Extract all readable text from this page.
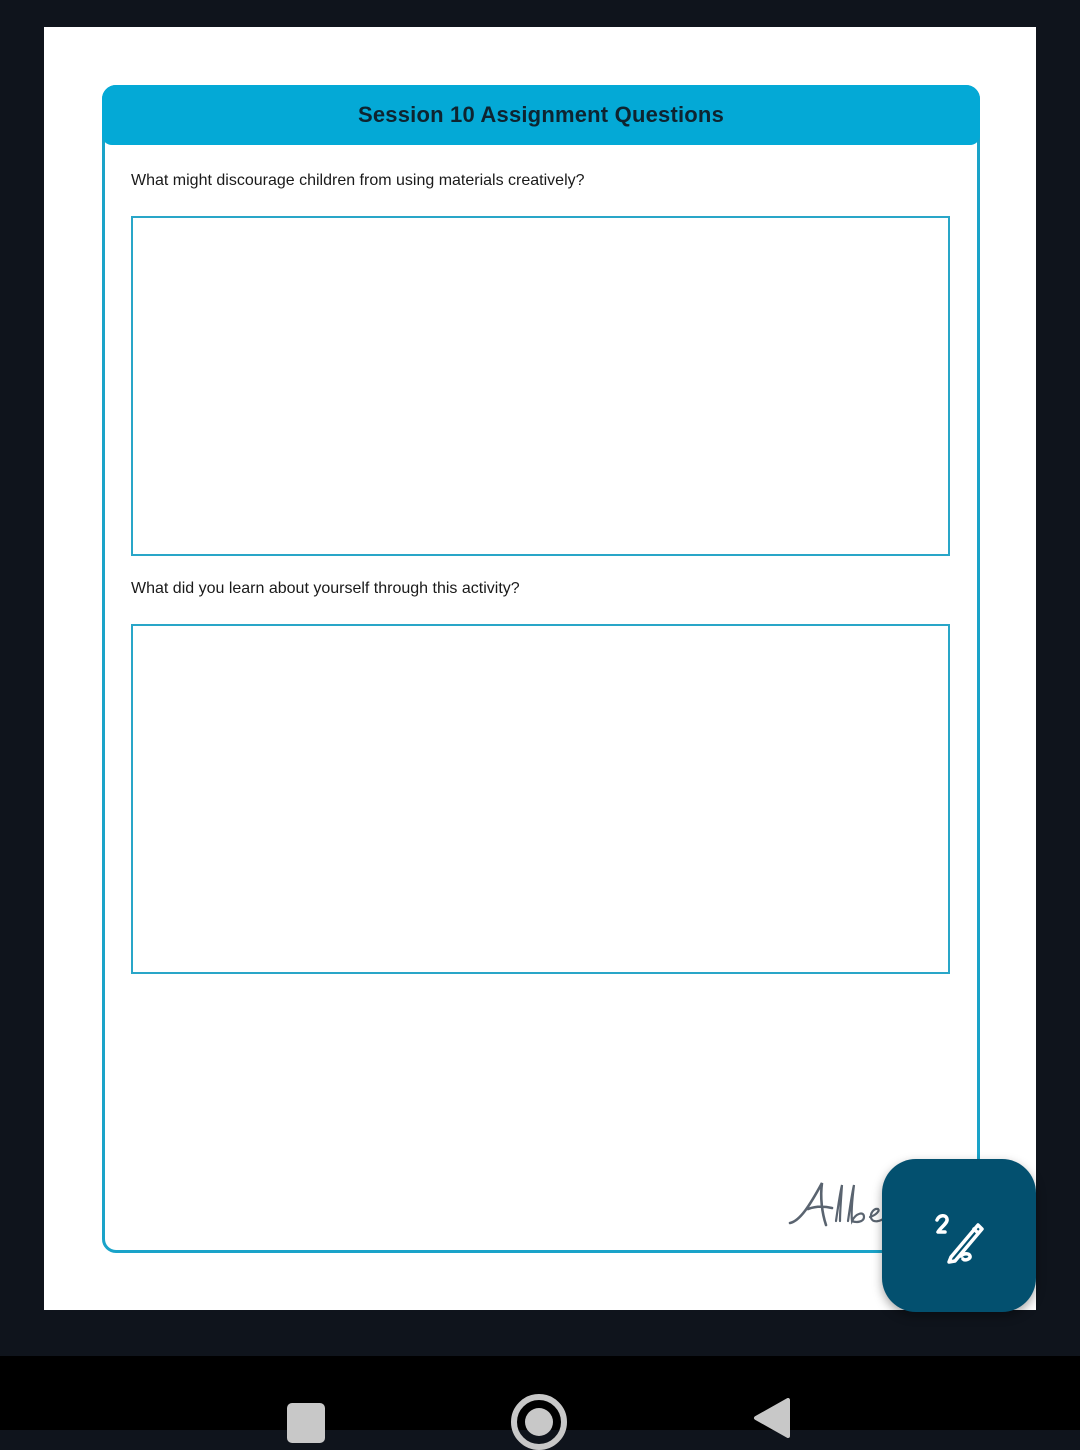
Session 10 Assignment Questions
What might discourage children from using materials creatively?
What did you learn about yourself through this activity?
